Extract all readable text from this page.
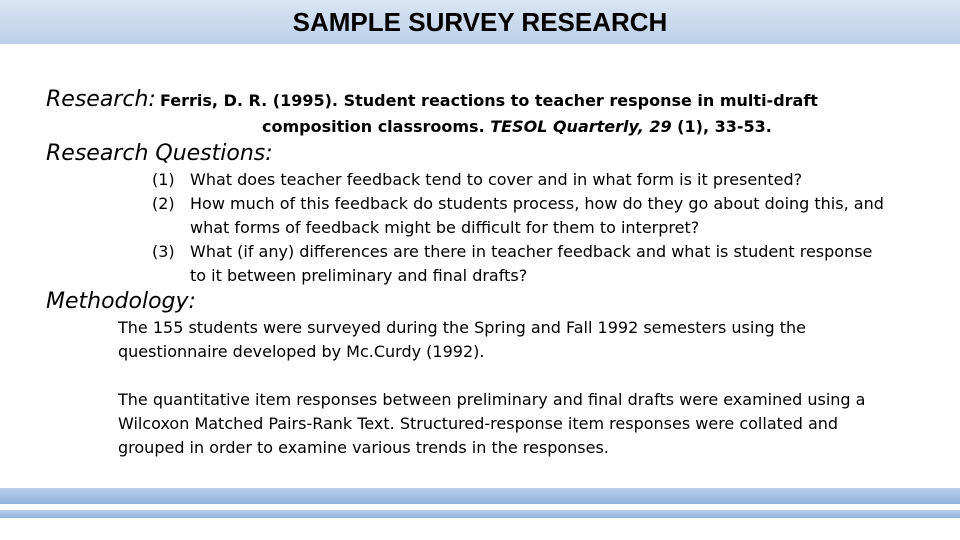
SAMPLE SURVEY RESEARCH
Research: Ferris, D. R. (1995). Student reactions to teacher response in multi-draft
composition classrooms. TESOL Quarterly, 29 (1), 33-53.
Research Questions:
(1) What does teacher feedback tend to cover and in what form is it presented?
(2) How much of this feedback do students process, how do they go about doing this, and what forms of feedback might be difficult for them to interpret?
(3) What (if any) differences are there in teacher feedback and what is student response to it between preliminary and final drafts?
Methodology:

The 155 students were surveyed during the Spring and Fall 1992 semesters using the questionnaire developed by Mc.Curdy (1992).

The quantitative item responses between preliminary and final drafts were examined using a Wilcoxon Matched Pairs-Rank Text. Structured-response item responses were collated and grouped in order to examine various trends in the responses.
